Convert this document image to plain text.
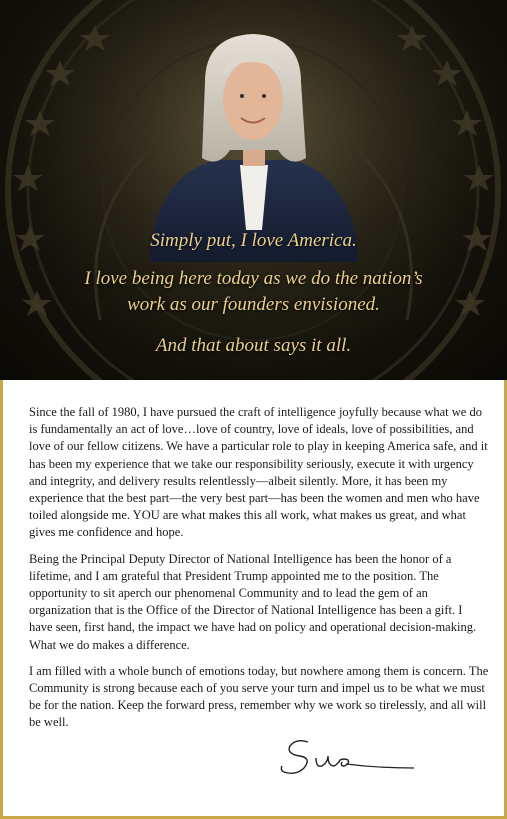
Simply put, I love America.
I love being here today as we do the nation’s
work as our founders envisioned.
And that about says it all.

Since the fall of 1980, I have pursued the craft of intelligence joyfully because what we do is fundamentally an act of love…love of country, love of ideals, love of possibilities, and love of our fellow citizens. We have a particular role to play in keeping America safe, and it has been my experience that we take our responsibility seriously, execute it with urgency and integrity, and delivery results relentlessly—albeit silently. More, it has been my experience that the best part—the very best part—has been the women and men who have toiled alongside me. YOU are what makes this all work, what makes us great, and what gives me confidence and hope.

Being the Principal Deputy Director of National Intelligence has been the honor of a lifetime, and I am grateful that President Trump appointed me to the position. The opportunity to sit aperch our phenomenal Community and to lead the gem of an organization that is the Office of the Director of National Intelligence has been a gift. I have seen, first hand, the impact we have had on policy and operational decision-making. What we do makes a difference.

I am filled with a whole bunch of emotions today, but nowhere among them is concern. The Community is strong because each of you serve your turn and impel us to be what we must be for the nation. Keep the forward press, remember why we work so tirelessly, and all will be well.
